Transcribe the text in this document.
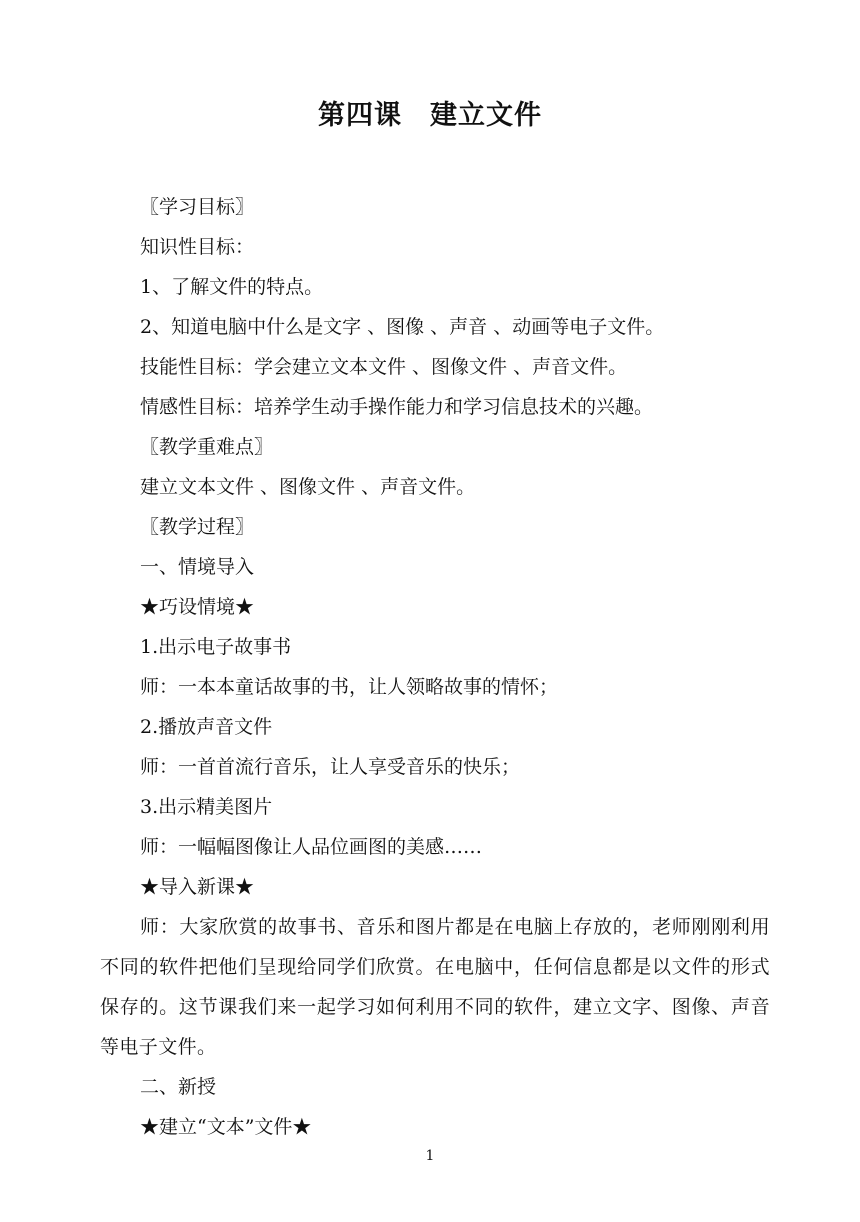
第四课　建立文件
〖学习目标〗
知识性目标：
1、了解文件的特点。
2、知道电脑中什么是文字 、图像 、声音 、动画等电子文件。
技能性目标：学会建立文本文件 、图像文件 、声音文件。
情感性目标：培养学生动手操作能力和学习信息技术的兴趣。
〖教学重难点〗
建立文本文件 、图像文件 、声音文件。
〖教学过程〗
一、情境导入
★巧设情境★
1.出示电子故事书
师：一本本童话故事的书，让人领略故事的情怀；
2.播放声音文件
师：一首首流行音乐，让人享受音乐的快乐；
3.出示精美图片
师：一幅幅图像让人品位画图的美感……
★导入新课★
师：大家欣赏的故事书、音乐和图片都是在电脑上存放的，老师刚刚利用不同的软件把他们呈现给同学们欣赏。在电脑中，任何信息都是以文件的形式保存的。这节课我们来一起学习如何利用不同的软件，建立文字、图像、声音等电子文件。
二、新授
★建立“文本”文件★
1
